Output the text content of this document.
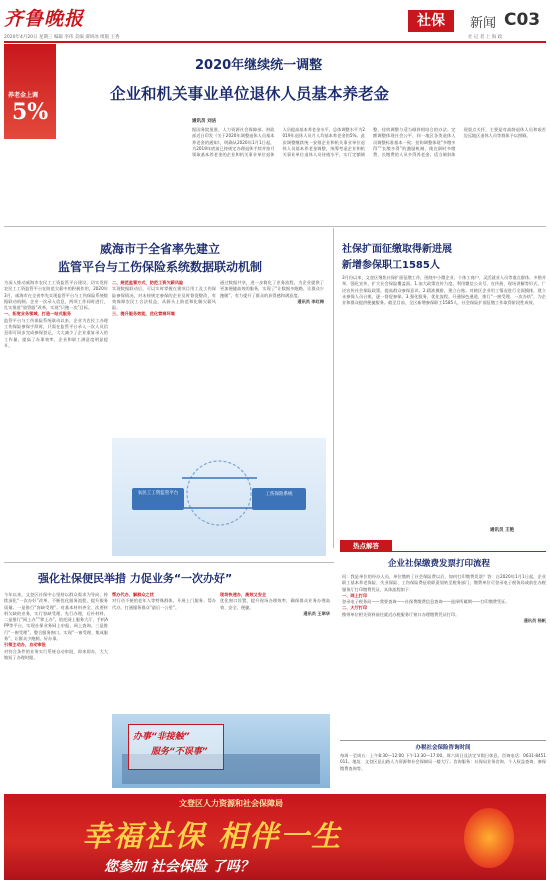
齐鲁晚报	社保	新闻 C03
2020年4月20日 星期三 编辑 李伟 美编 谭妍冰 组版 王秀	社 记 者 上 海 政
养老金上调
5%
2020年继续统一调整
企业和机关事业单位退休人员基本养老金
通讯员 刘洁
据国务院批准，人力资源社会保障部、财政部近日印发《关于2020年调整退休人员基本养老金的通知》，明确从2020年1月1日起，为2019年底前已按规定办理退休手续并按月领取基本养老金的企业和机关事业单位退休人员提高基本养老金水平，总体调整水平为2019年退休人员月人均基本养老金的5%。此次调整继续统一安排企业和机关事业单位退休人员基本养老金调整，统筹考虑企业和机关事业单位退休人员待遇水平，实行定额调整、挂钩调整与适当倾斜相结合的办法。定额调整体现社会公平，同一地区各类退休人员调整标准基本一致；挂钩调整体现“多缴多得”“长缴多得”的激励机制，使在职时多缴费、长缴费的人员多得养老金；适当倾斜体现重点关怀，主要是对高龄退休人员和艰苦边远地区退休人员等群体予以照顾。
威海市于全省率先建立
监管平台与工伤保险系统数据联动机制
为深入推动威海市农民工工资监管平台建设，切实发挥农民工工资监管平台在防范欠薪中的积极作用，2020年3月，威海市在全省率先实现监管平台与工伤保险系统数据联动机制。企业一次录入信息，两项工作同时进行，扎实推进“放管服”改革，实现“只跑一次”目标。
一、拓宽业务领域，打造一站式服务
监管平台与工伤保险系统联动以来，企业为农民工办理工伤保险参保手续时，只需在监管平台录入一次人员信息即可同步完成参保登记，大大减少了企业重复录入的工作量，提高了办事效率，企业和职工满意度明显提升。
二、规范监管方式，防范工资欠薪风险
实现数据联动后，可以实时掌握在建项目用工及工伤保险参保情况，对未按规定参保的企业及时督促整改，有效保障农民工合法权益，从源头上防范和化解欠薪风险。
三、提升服务效能，优化营商环境
通过数据共享，进一步简化了业务流程，为企业提供了更加便捷高效的服务，实现了“让数据多跑路、让群众少跑腿”，有力提升了群众的获得感和满意度。
通讯员 李红梅
农民工工资监管平台	工伤保险系统
社保扩面征缴取得新进展
新增参保职工1585人
3月份以来，文登区聚焦社保扩面征缴工作，围绕中小微企业、个体工商户、灵活就业人员等重点群体，多措并举，强化宣传，扩大社会保险覆盖面。1.加大政策宣传力度。利用微信公众号、宣传册、现场讲解等形式，广泛宣传社会保险政策，提高群众参保意识。2.精准摸排，建立台账。对辖区企业用工情况进行全面摸排，建立未参保人员台账，逐一督促参保。3.强化服务，优化流程。开通绿色通道，推行“一窗受理、一次办结”，为企业和群众提供便捷服务。截至目前，全区新增参保职工1585人，社会保险扩面征缴工作取得阶段性成效。
通讯员 王艳
热点解答
企业社保缴费发票打印流程
问：我是单位的经办人员，单位缴纳了社会保险费以后，如何打印缴费发票？答：自2020年1月1日起，企业职工基本养老保险、失业保险、工伤保险费征收职责划转至税务部门，缴费单位可登录电子税务局或前往办税服务厅打印缴费凭证，具体流程如下：
一、网上打印
登录电子税务局——我要查询——社保费缴费信息查询——选择所属期——打印缴费凭证。
二、大厅打印
携带单位相关资料前往就近办税服务厅窗口办理缴费凭证打印。
通讯员 杨帆
强化社保便民举措 力促业务“一次办好”
今年以来，文登区社保中心坚持以群众需求为导向，持续深化“一次办好”改革，不断优化服务流程，提升服务质量。一是推行“容缺受理”。对基本材料齐全、次要材料欠缺的业务，实行容缺受理，先行办理，后补材料。二是推行“网上办”“掌上办”。依托网上服务大厅、手机APP等平台，实现社保业务网上申报、网上查询。三是推行“一窗受理”。整合服务窗口，实现“一窗受理、集成服务”，让群众少跑腿、好办事。
引领主动办，自动审批
对符合条件的业务实行系统自动审批，即来即办，大大缩短了办理时限。
帮办代办，解群众之忧
对行动不便的老年人等特殊群体，开展上门服务、帮办代办，打通服务群众“最后一公里”。
现场快速办，高效又安全
优化窗口设置，提升现场办理效率，确保群众业务办理高效、安全、便捷。
通讯员 王翠华
办事“非接触”
服务“不误事”	办税社会保险咨询时间
每周一至周五：上午8:30—12:00 下午13:30—17:00。周六周日及法定节假日休息。咨询电话：0631-8451011。地址：文登区昆山路人力资源和社会保障局一楼大厅。咨询服务：社保局业务咨询、个人权益查询、参保缴费查询等。
文登区人力资源和社会保障局
幸福社保 相伴一生
您参加 社会保险 了吗？
